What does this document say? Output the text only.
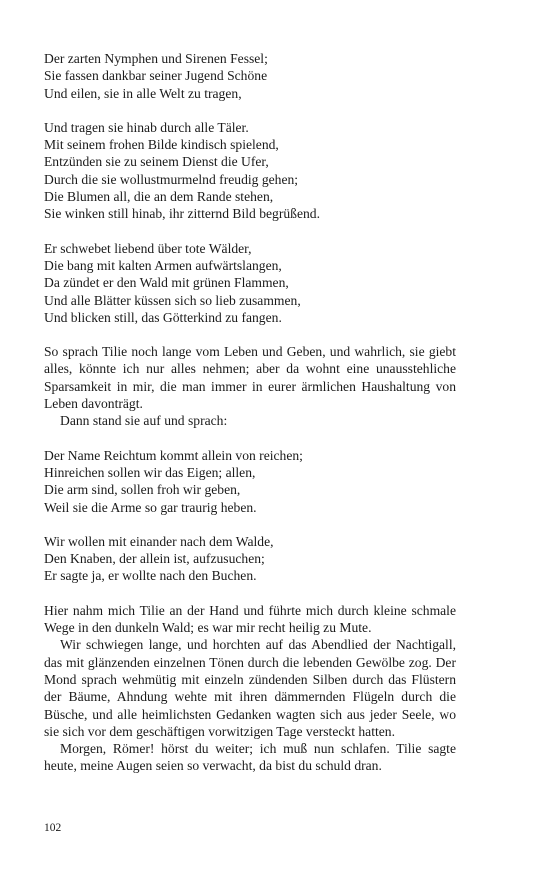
Der zarten Nymphen und Sirenen Fessel;
Sie fassen dankbar seiner Jugend Schöne
Und eilen, sie in alle Welt zu tragen,
Und tragen sie hinab durch alle Täler.
Mit seinem frohen Bilde kindisch spielend,
Entzünden sie zu seinem Dienst die Ufer,
Durch die sie wollustmurmelnd freudig gehen;
Die Blumen all, die an dem Rande stehen,
Sie winken still hinab, ihr zitternd Bild begrüßend.
Er schwebet liebend über tote Wälder,
Die bang mit kalten Armen aufwärtslangen,
Da zündet er den Wald mit grünen Flammen,
Und alle Blätter küssen sich so lieb zusammen,
Und blicken still, das Götterkind zu fangen.

So sprach Tilie noch lange vom Leben und Geben, und wahrlich, sie giebt alles, könnte ich nur alles nehmen; aber da wohnt eine unausstehliche Sparsamkeit in mir, die man immer in eurer ärmlichen Haushaltung von Leben davonträgt.

Dann stand sie auf und sprach:

Der Name Reichtum kommt allein von reichen;
Hinreichen sollen wir das Eigen; allen,
Die arm sind, sollen froh wir geben,
Weil sie die Arme so gar traurig heben.
Wir wollen mit einander nach dem Walde,
Den Knaben, der allein ist, aufzusuchen;
Er sagte ja, er wollte nach den Buchen.

Hier nahm mich Tilie an der Hand und führte mich durch kleine schmale Wege in den dunkeln Wald; es war mir recht heilig zu Mute.

Wir schwiegen lange, und horchten auf das Abendlied der Nachtigall, das mit glänzenden einzelnen Tönen durch die lebenden Gewölbe zog. Der Mond sprach wehmütig mit einzeln zündenden Silben durch das Flüstern der Bäume, Ahndung wehte mit ihren dämmernden Flügeln durch die Büsche, und alle heimlichsten Gedanken wagten sich aus jeder Seele, wo sie sich vor dem geschäftigen vorwitzigen Tage versteckt hatten.

Morgen, Römer! hörst du weiter; ich muß nun schlafen. Tilie sagte heute, meine Augen seien so verwacht, da bist du schuld dran.

102
